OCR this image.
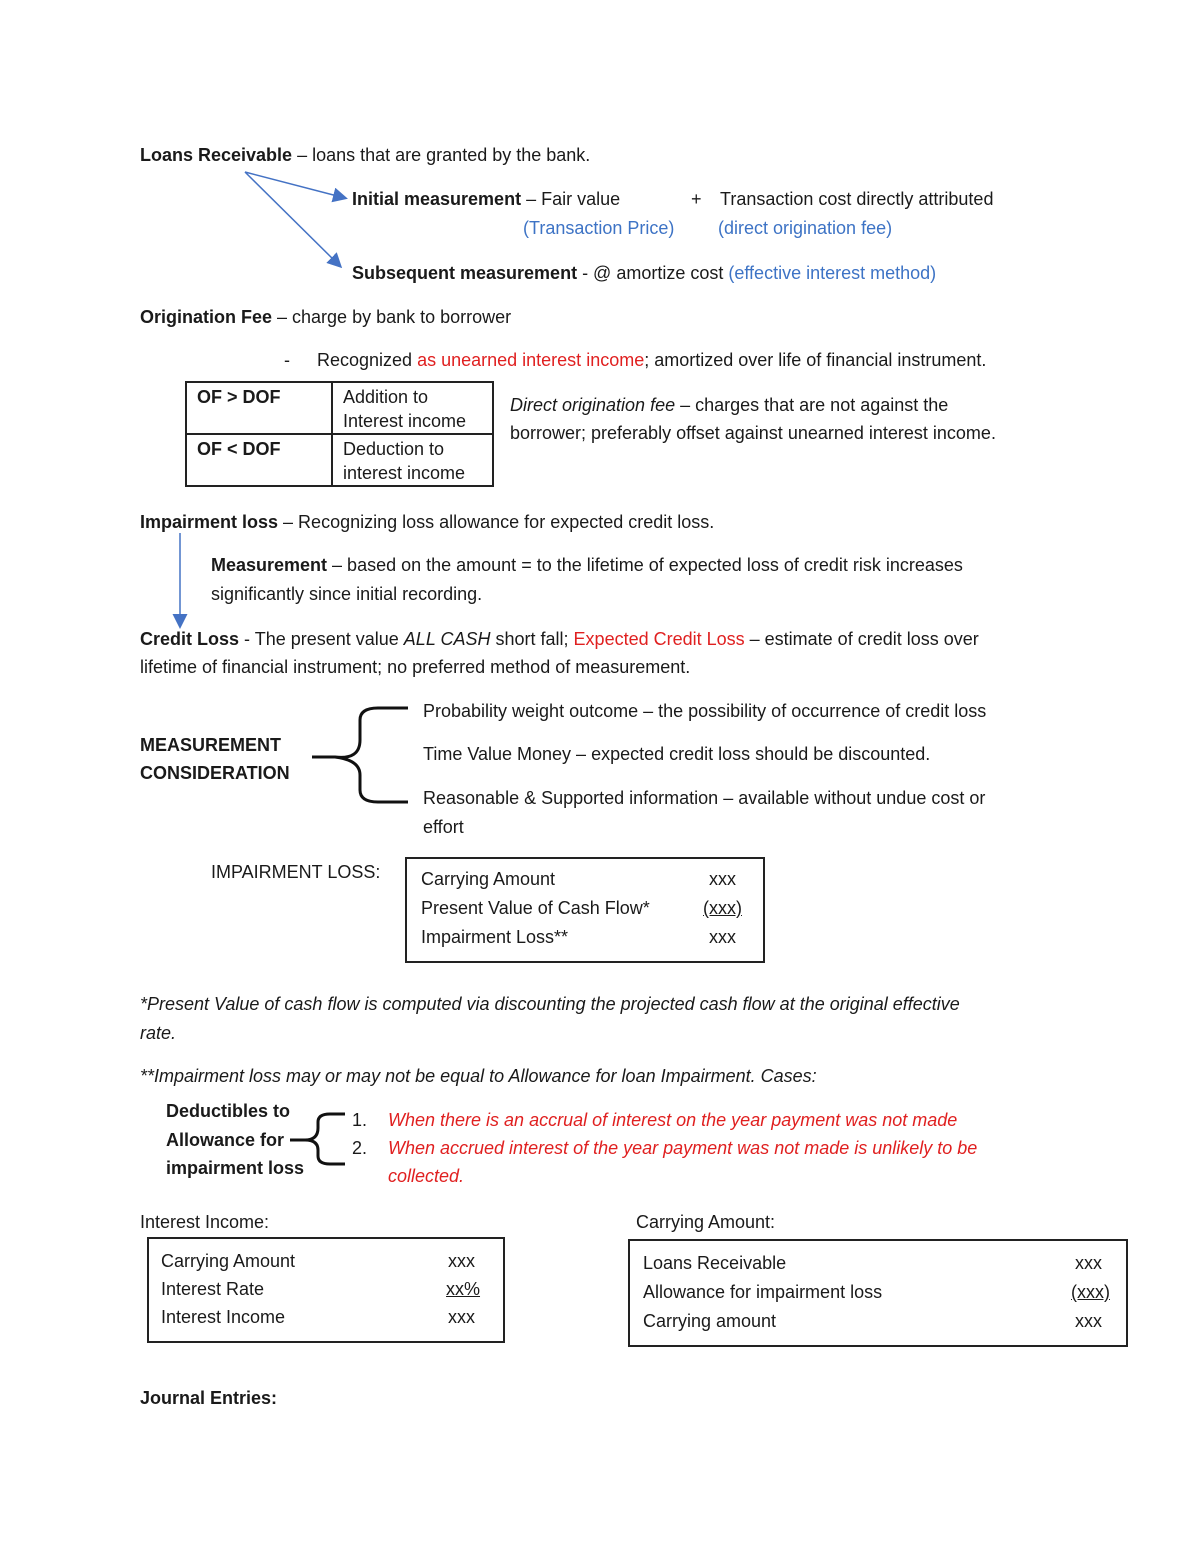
Loans Receivable – loans that are granted by the bank.
Initial measurement – Fair value	+ Transaction cost directly attributed
(Transaction Price) (direct origination fee)
Subsequent measurement - @ amortize cost (effective interest method)
Origination Fee – charge by bank to borrower
- Recognized as unearned interest income; amortized over life of financial instrument.
OF > DOF	Addition to
Interest income

OF < DOF	Deduction to
interest income
Direct origination fee – charges that are not against the
borrower; preferably offset against unearned interest income.
Impairment loss – Recognizing loss allowance for expected credit loss.
Measurement – based on the amount = to the lifetime of expected loss of credit risk increases
significantly since initial recording.
Credit Loss - The present value ALL CASH short fall; Expected Credit Loss – estimate of credit loss over
lifetime of financial instrument; no preferred method of measurement.
MEASUREMENT
CONSIDERATION
Probability weight outcome – the possibility of occurrence of credit loss
Time Value Money – expected credit loss should be discounted.
Reasonable & Supported information – available without undue cost or
effort
IMPAIRMENT LOSS: Carrying Amount	xxx
Present Value of Cash Flow*	(xxx)
Impairment Loss**	xxx
*Present Value of cash flow is computed via discounting the projected cash flow at the original effective
rate.
**Impairment loss may or may not be equal to Allowance for loan Impairment. Cases:
Deductibles to
Allowance for
impairment loss
1. When there is an accrual of interest on the year payment was not made
2. When accrued interest of the year payment was not made is unlikely to be
collected.
Interest Income:
Carrying Amount	xxx
Interest Rate	xx%
Interest Income	xxx
Carrying Amount:
Loans Receivable	xxx
Allowance for impairment loss	(xxx)
Carrying amount	xxx
Journal Entries:
